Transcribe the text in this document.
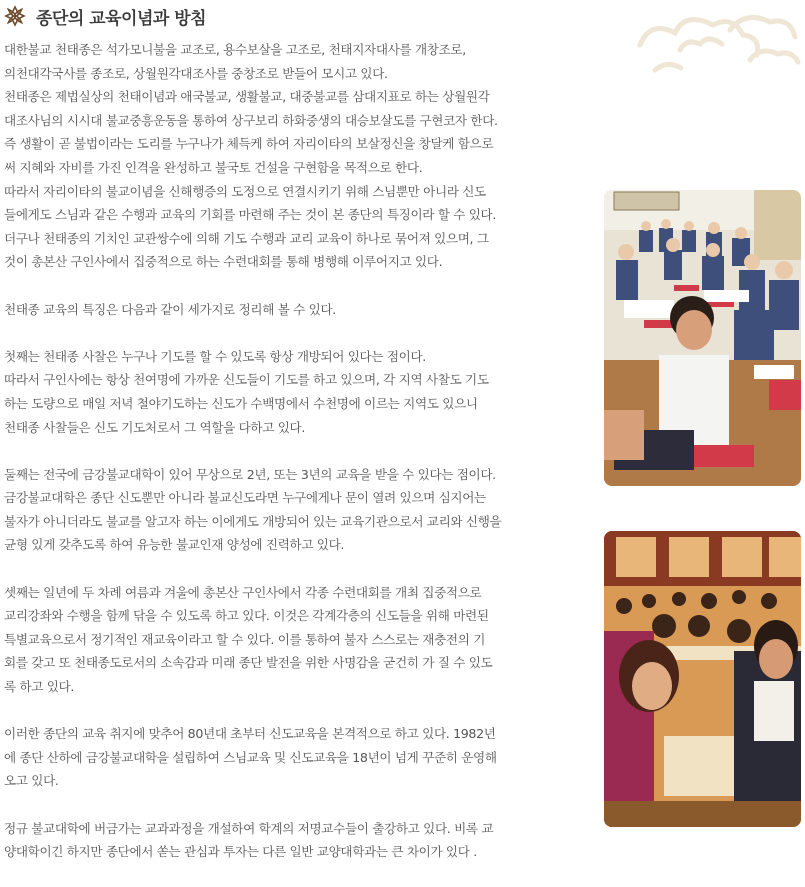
종단의 교육이념과 방침
대한불교 천태종은 석가모니불을 교조로, 용수보살을 고조로, 천태지자대사를 개창조로,
의천대각국사를 종조로, 상월원각대조사를 중창조로 받들어 모시고 있다.
천태종은 제법실상의 천태이념과 애국불교, 생활불교, 대중불교를 삼대지표로 하는 상월원각
대조사님의 시시대 불교중흥운동을 통하여 상구보리 하화중생의 대승보살도를 구현코자 한다.
즉 생활이 곧 불법이라는 도리를 누구나가 체득케 하여 자리이타의 보살정신을 창달케 함으로
써 지혜와 자비를 가진 인격을 완성하고 불국토 건설을 구현함을 목적으로 한다.
따라서 자리이타의 불교이념을 신해행증의 도정으로 연결시키기 위해 스님뿐만 아니라 신도
들에게도 스님과 같은 수행과 교육의 기회를 마련해 주는 것이 본 종단의 특징이라 할 수 있다.
더구나 천태종의 기치인 교관쌍수에 의해 기도 수행과 교리 교육이 하나로 묶어져 있으며, 그
것이 총본산 구인사에서 집중적으로 하는 수련대회를 통해 병행해 이루어지고 있다.
천태종 교육의 특징은 다음과 같이 세가지로 정리해 볼 수 있다.
첫째는 천태종 사찰은 누구나 기도를 할 수 있도록 항상 개방되어 있다는 점이다.
따라서 구인사에는 항상 천여명에 가까운 신도들이 기도를 하고 있으며, 각 지역 사찰도 기도
하는 도량으로 매일 저녁 철야기도하는 신도가 수백명에서 수천명에 이르는 지역도 있으니
천태종 사찰들은 신도 기도처로서 그 역할을 다하고 있다.
둘째는 전국에 금강불교대학이 있어 무상으로 2년, 또는 3년의 교육을 받을 수 있다는 점이다.
금강불교대학은 종단 신도뿐만 아니라 불교신도라면 누구에게나 문이 열려 있으며 심지어는
불자가 아니더라도 불교를 알고자 하는 이에게도 개방되어 있는 교육기관으로서 교리와 신행을
균형 있게 갖추도록 하여 유능한 불교인재 양성에 진력하고 있다.
셋째는 일년에 두 차례 여름과 겨울에 총본산 구인사에서 각종 수련대회를 개최 집중적으로
교리강좌와 수행을 함께 닦을 수 있도록 하고 있다. 이것은 각계각층의 신도들을 위해 마련된
특별교육으로서 정기적인 재교육이라고 할 수 있다. 이를 통하여 불자 스스로는 재충전의 기
회를 갖고 또 천태종도로서의 소속감과 미래 종단 발전을 위한 사명감을 굳건히 가 질 수 있도
록 하고 있다.
이러한 종단의 교육 취지에 맞추어 80년대 초부터 신도교육을 본격적으로 하고 있다. 1982년
에 종단 산하에 금강불교대학을 설립하여 스님교육 및 신도교육을 18년이 넘게 꾸준히 운영해
오고 있다.
정규 불교대학에 버금가는 교과과정을 개설하여 학계의 저명교수들이 출강하고 있다. 비록 교
양대학이긴 하지만 종단에서 쏟는 관심과 투자는 다른 일반 교양대학과는 큰 차이가 있다 .
